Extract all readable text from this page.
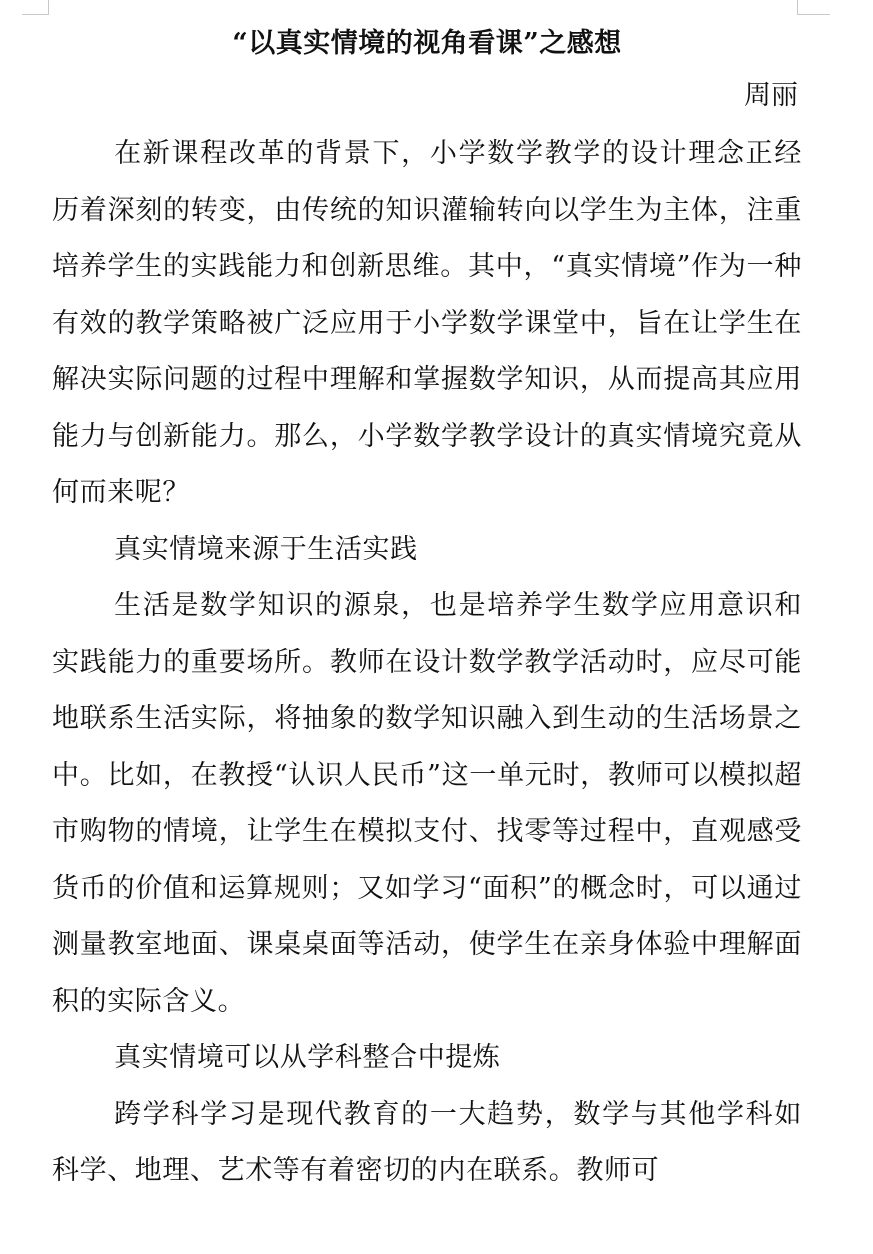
“以真实情境的视角看课”之感想

周丽

在新课程改革的背景下，小学数学教学的设计理念正经历着深刻的转变，由传统的知识灌输转向以学生为主体，注重培养学生的实践能力和创新思维。其中，“真实情境”作为一种有效的教学策略被广泛应用于小学数学课堂中，旨在让学生在解决实际问题的过程中理解和掌握数学知识，从而提高其应用能力与创新能力。那么，小学数学教学设计的真实情境究竟从何而来呢？

真实情境来源于生活实践

生活是数学知识的源泉，也是培养学生数学应用意识和实践能力的重要场所。教师在设计数学教学活动时，应尽可能地联系生活实际，将抽象的数学知识融入到生动的生活场景之中。比如，在教授“认识人民币”这一单元时，教师可以模拟超市购物的情境，让学生在模拟支付、找零等过程中，直观感受货币的价值和运算规则；又如学习“面积”的概念时，可以通过测量教室地面、课桌桌面等活动，使学生在亲身体验中理解面积的实际含义。

真实情境可以从学科整合中提炼

跨学科学习是现代教育的一大趋势，数学与其他学科如科学、地理、艺术等有着密切的内在联系。教师可
